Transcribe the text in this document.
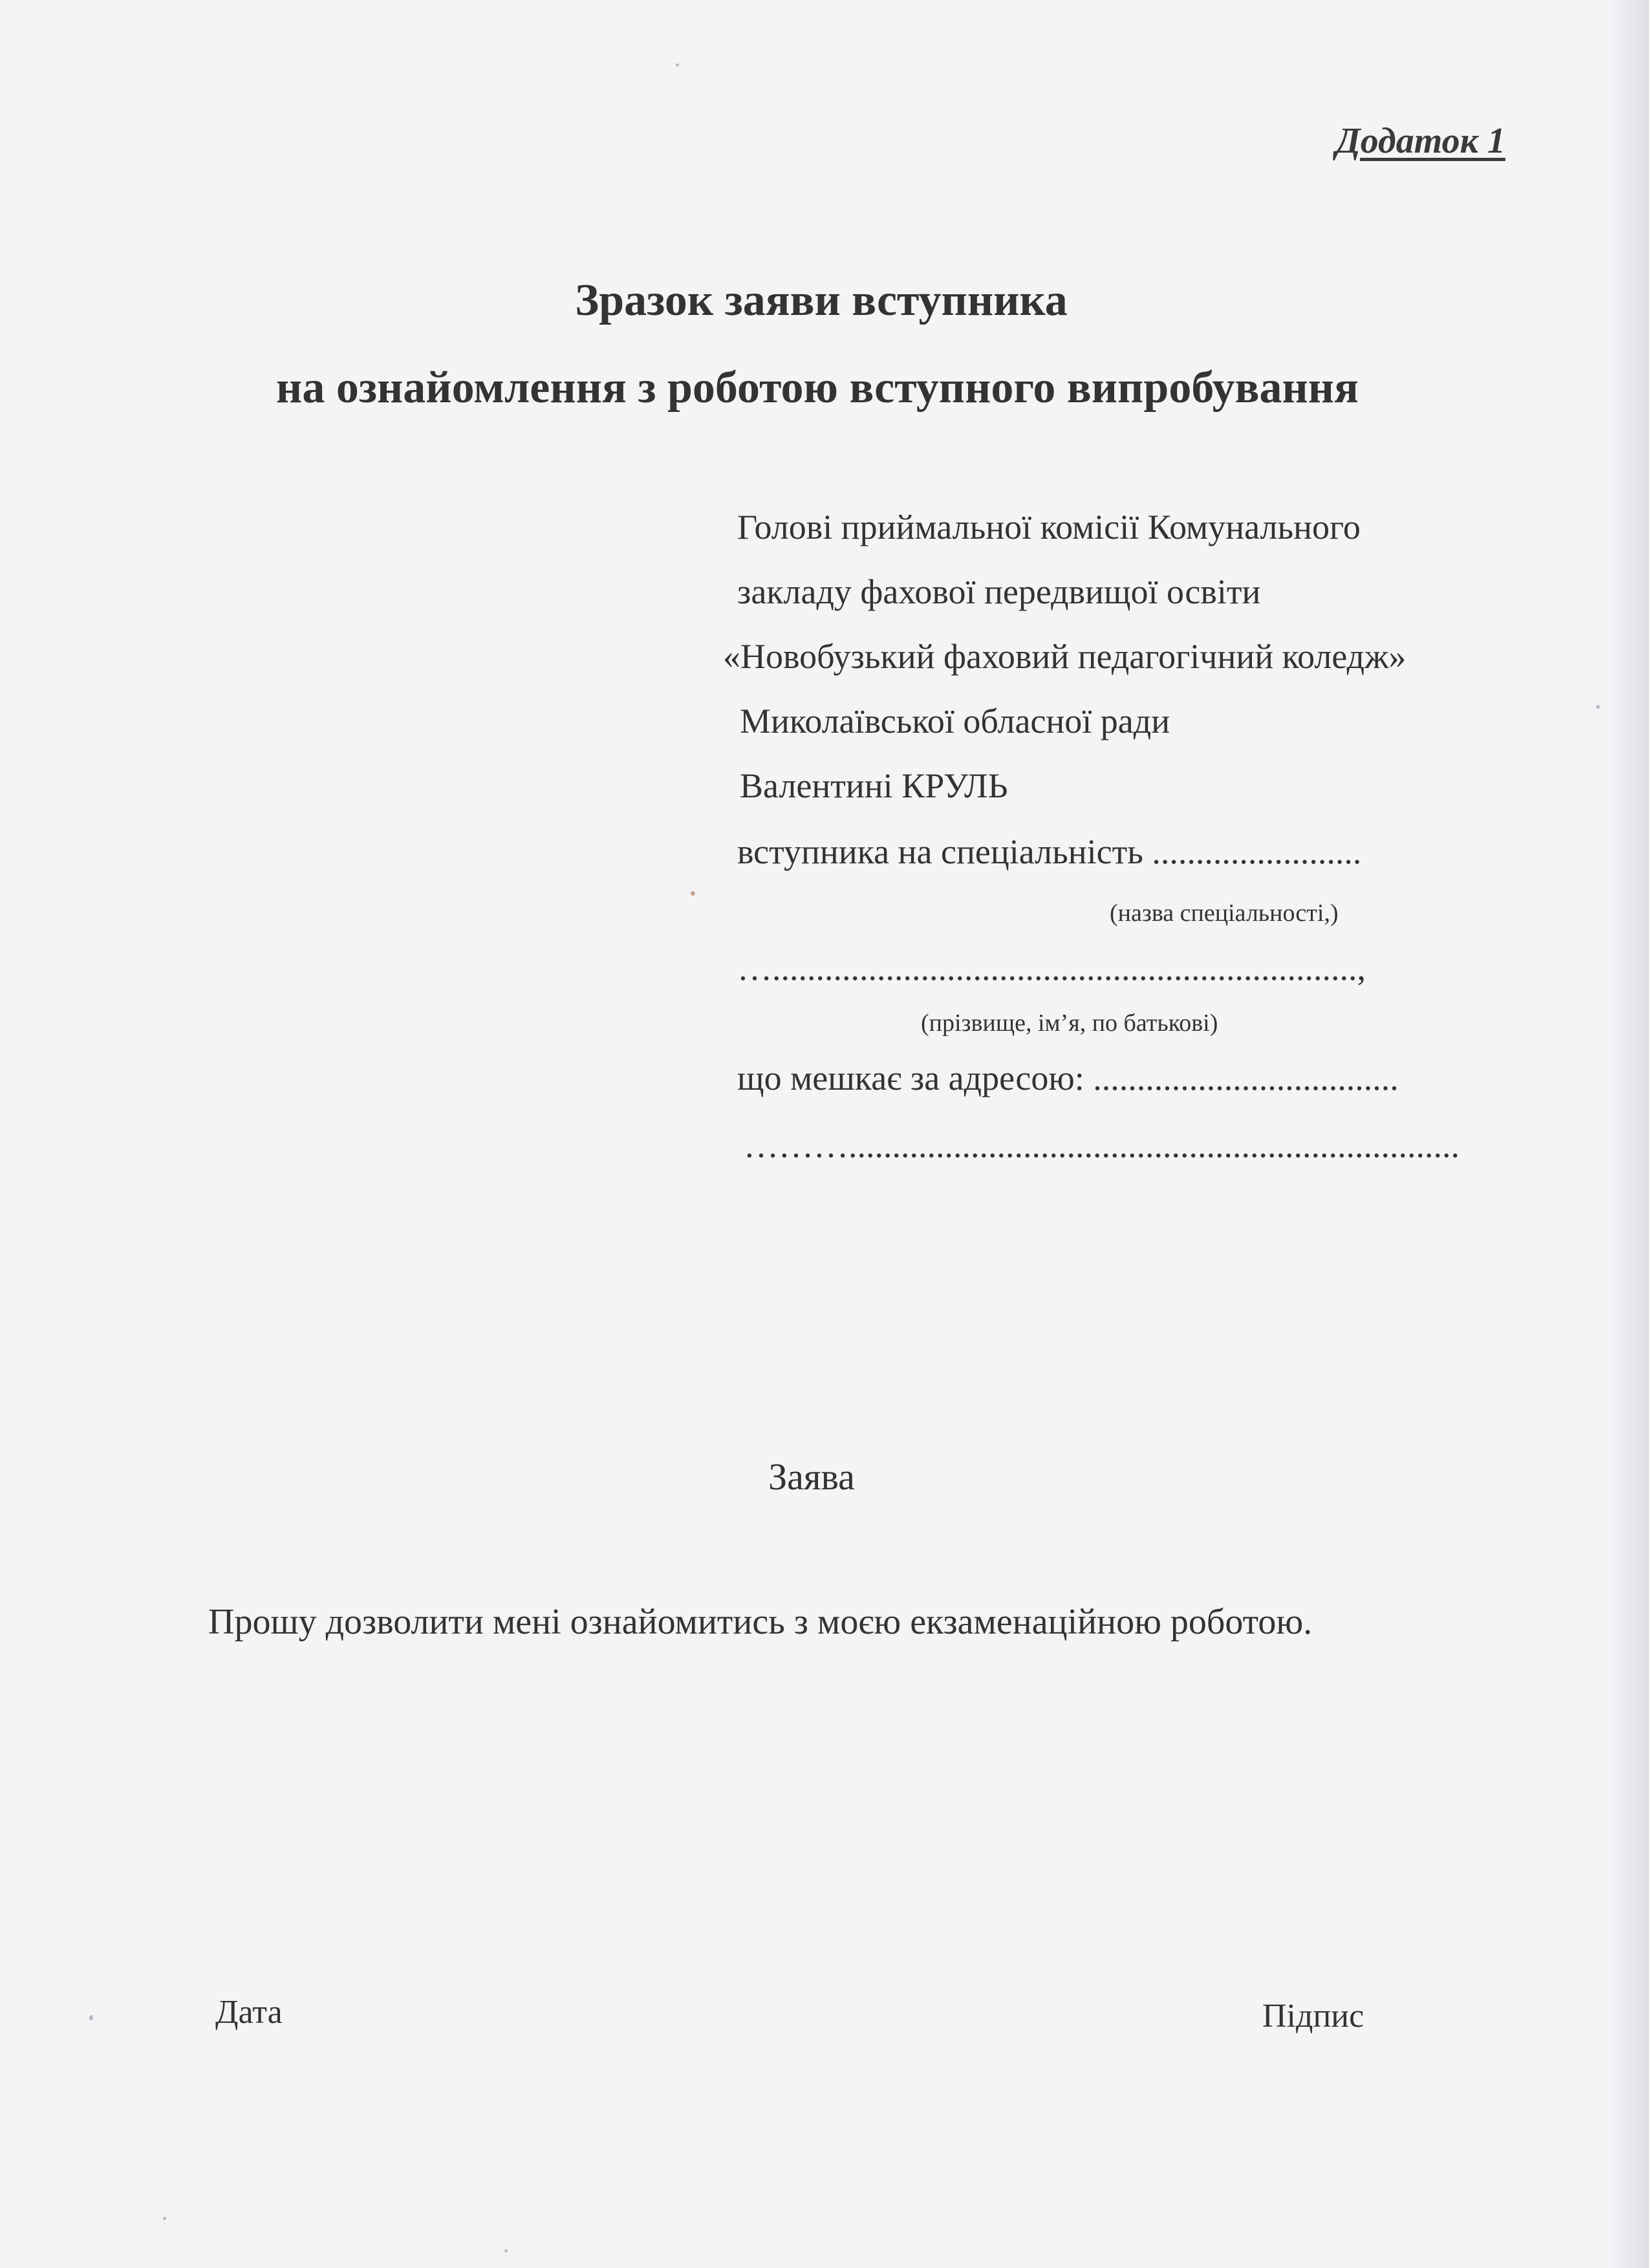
Додаток 1
Зразок заяви вступника
на ознайомлення з роботою вступного випробування
Голові приймальної комісії Комунального
закладу фахової передвищої освіти
«Новобузький фаховий педагогічний коледж»
Миколаївської обласної ради
Валентині КРУЛЬ
вступника на спеціальність ........................
(назва спеціальності,)
…...................................................................,
(прізвище, ім’я, по батькові)
що мешкає за адресою: ...................................
………......................................................................
Заява
Прошу дозволити мені ознайомитись з моєю екзаменаційною роботою.
Дата	Підпис
